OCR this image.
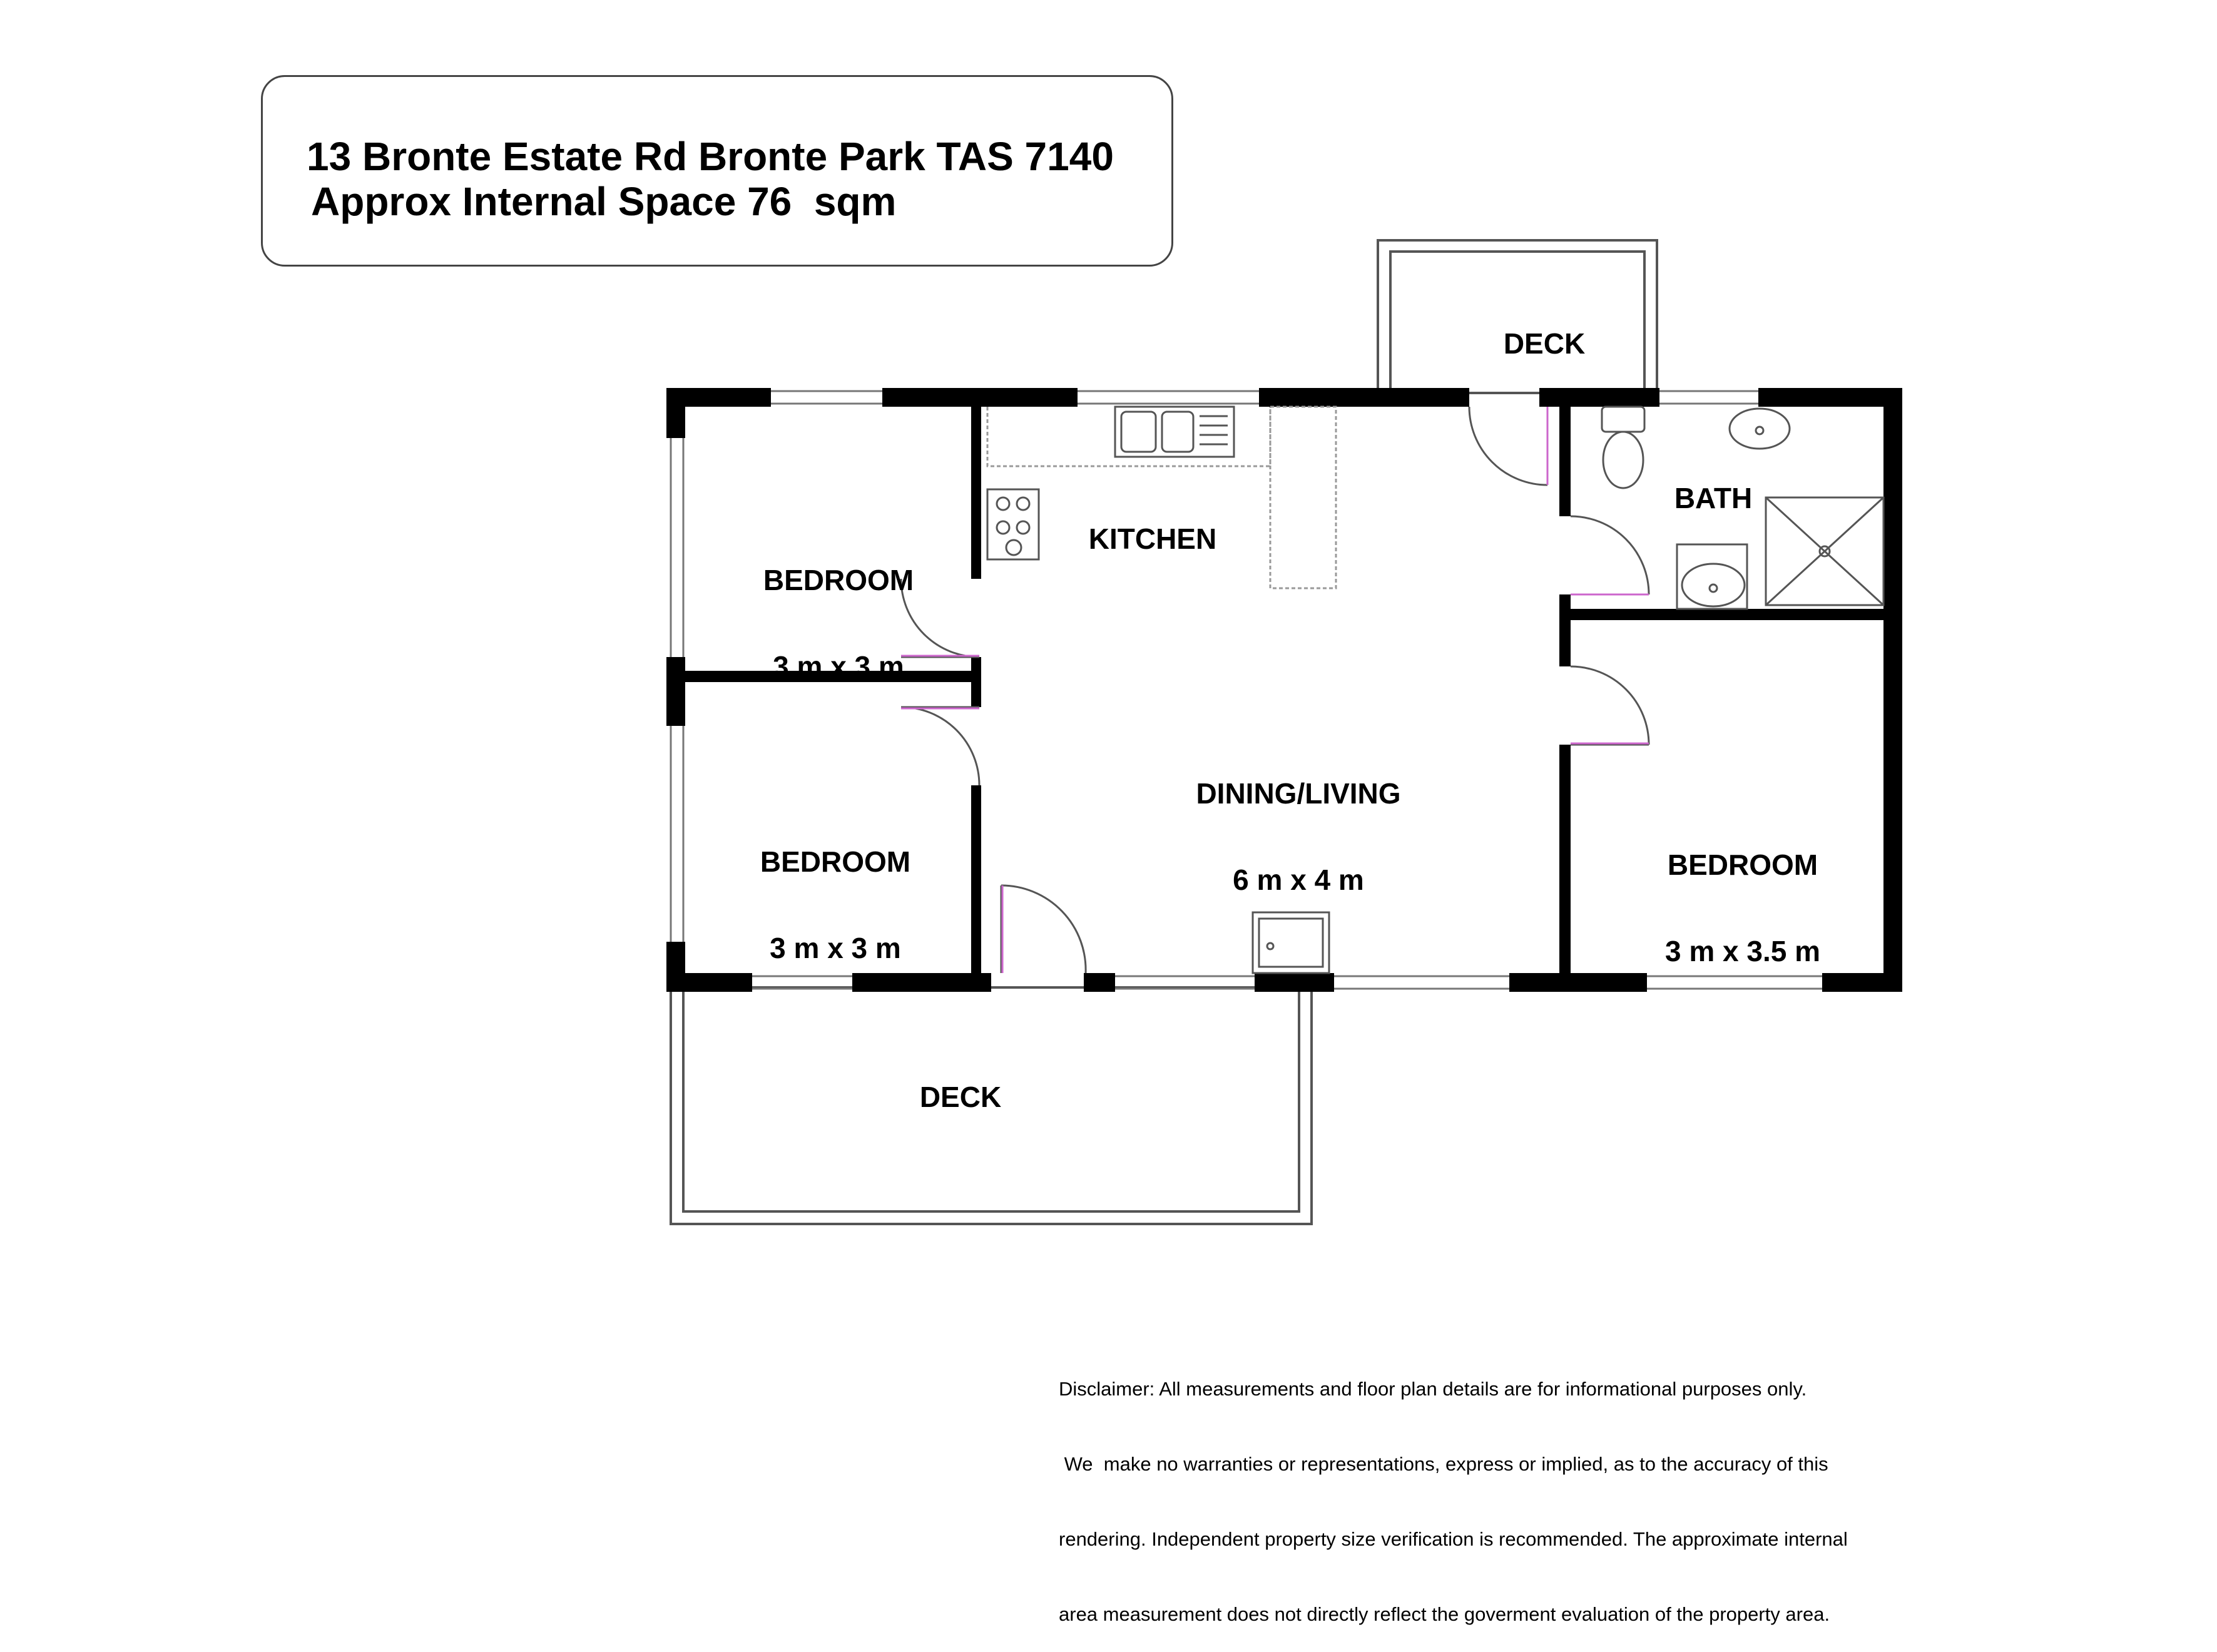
13 Bronte Estate Rd Bronte Park TAS 7140
Approx Internal Space 76  sqm
DECK

BEDROOM

3 m x 3 m

KITCHEN
BATH

DINING/LIVING

6 m x 4 m

BEDROOM

3 m x 3 m

BEDROOM

3 m x 3.5 m

DECK

Disclaimer: All measurements and floor plan details are for informational purposes only.

We  make no warranties or representations, express or implied, as to the accuracy of this

rendering. Independent property size verification is recommended. The approximate internal

area measurement does not directly reflect the goverment evaluation of the property area.
